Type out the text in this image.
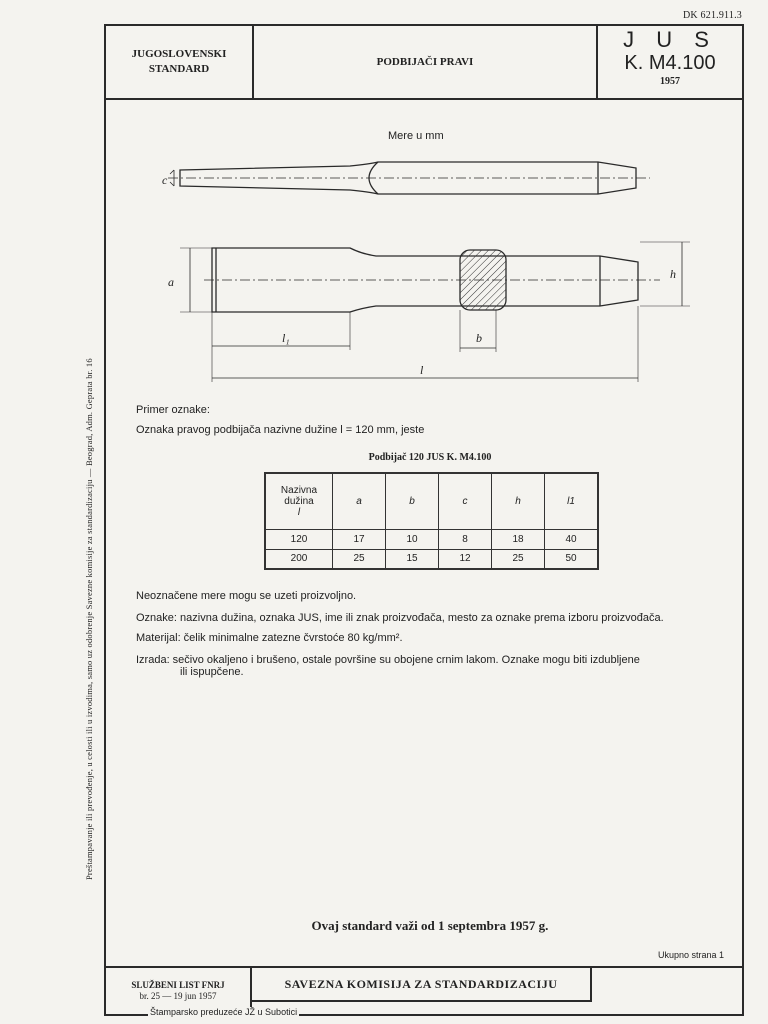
DK 621.911.3
JUGOSLOVENSKI
STANDARD
PODBIJAČI PRAVI
J U S
K. M4.100
1957
Preštampavanje ili prevođenje, u celosti ili u izvodima, samo uz odobrenje Savezne komisije za standardizaciju — Beograd, Adm. Geprata br. 16
Mere u mm
c
a
h
b
l₁
l
Primer oznake:
Oznaka pravog podbijača nazivne dužine l = 120 mm, jeste
Podbijač 120 JUS K. M4.100
Nazivna
dužina
l	a	b	c	h	l1
120	17	10	8	18	40
200	25	15	12	25	50
Neoznačene mere mogu se uzeti proizvoljno.
Oznake: nazivna dužina, oznaka JUS, ime ili znak proizvođača, mesto za oznake prema izboru proizvođača.
Materijal: čelik minimalne zatezne čvrstoće 80 kg/mm².
Izrada: sečivo okaljeno i brušeno, ostale površine su obojene crnim lakom. Oznake mogu biti izdubljene
ili ispupčene.
Ovaj standard važi od 1 septembra 1957 g.
Ukupno strana 1
SLUŽBENI LIST FNRJ
br. 25 — 19 jun 1957
SAVEZNA KOMISIJA ZA STANDARDIZACIJU
Štamparsko preduzeće JŽ u Subotici
